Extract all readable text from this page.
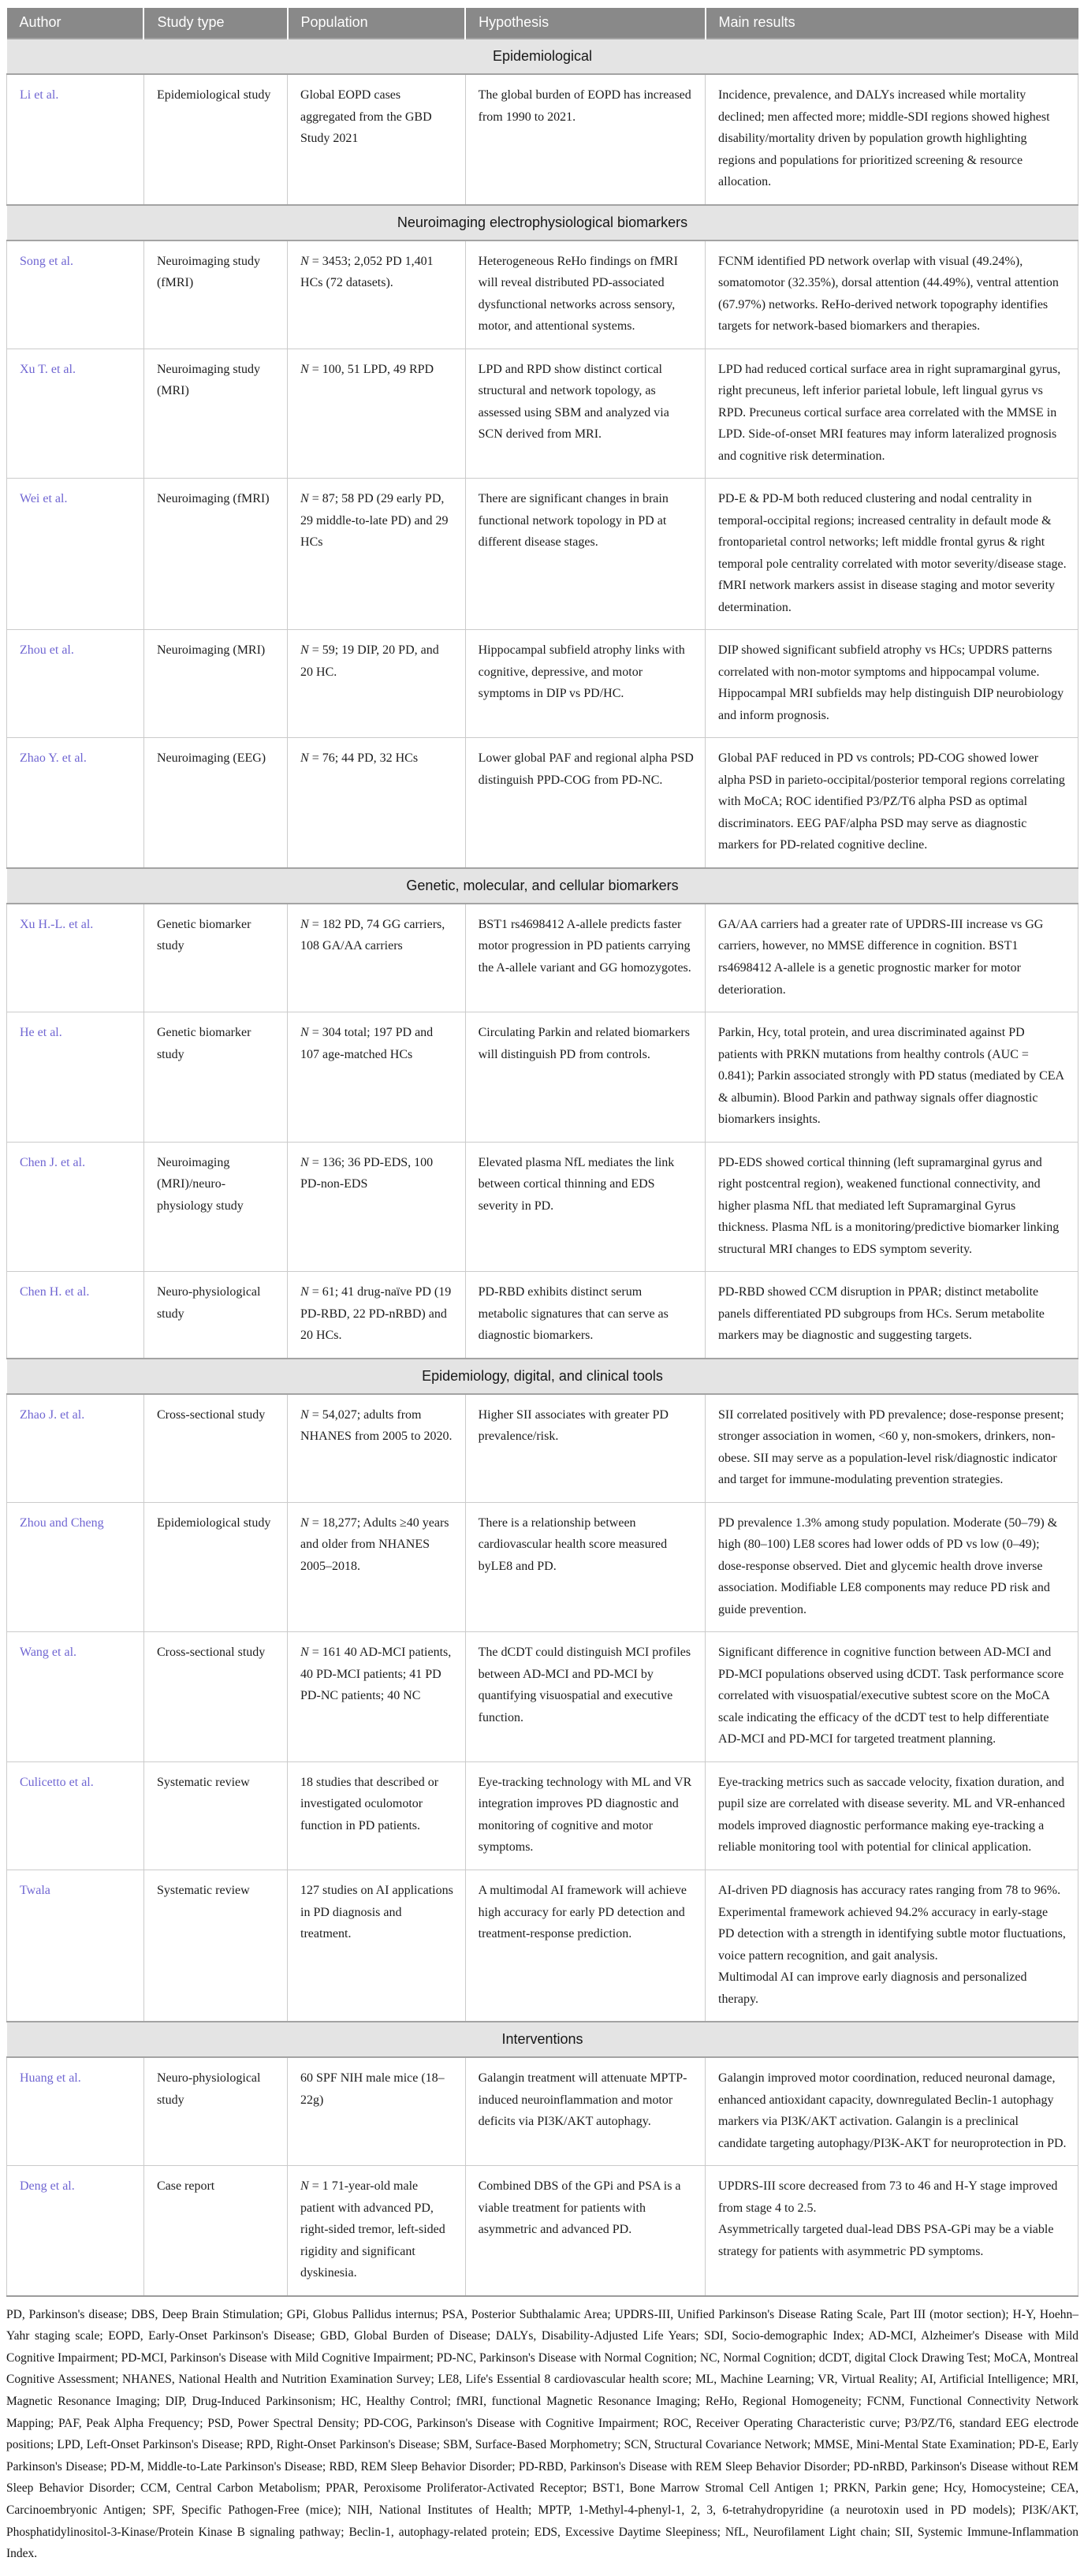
Author	Study type	Population	Hypothesis	Main results
Epidemiological				
Li et al.	Epidemiological study	Global EOPD cases aggregated from the GBD Study 2021	The global burden of EOPD has increased from 1990 to 2021.	Incidence, prevalence, and DALYs increased while mortality declined; men affected more; middle-SDI regions showed highest disability/mortality driven by population growth highlighting regions and populations for prioritized screening & resource allocation.
Neuroimaging electrophysiological biomarkers				
Song et al.	Neuroimaging study (fMRI)	N = 3453; 2,052 PD 1,401 HCs (72 datasets).	Heterogeneous ReHo findings on fMRI will reveal distributed PD-associated dysfunctional networks across sensory, motor, and attentional systems.	FCNM identified PD network overlap with visual (49.24%), somatomotor (32.35%), dorsal attention (44.49%), ventral attention (67.97%) networks. ReHo-derived network topography identifies targets for network-based biomarkers and therapies.
Xu T. et al.	Neuroimaging study (MRI)	N = 100, 51 LPD, 49 RPD	LPD and RPD show distinct cortical structural and network topology, as assessed using SBM and analyzed via SCN derived from MRI.	LPD had reduced cortical surface area in right supramarginal gyrus, right precuneus, left inferior parietal lobule, left lingual gyrus vs RPD. Precuneus cortical surface area correlated with the MMSE in LPD. Side-of-onset MRI features may inform lateralized prognosis and cognitive risk determination.
Wei et al.	Neuroimaging (fMRI)	N = 87; 58 PD (29 early PD, 29 middle-to-late PD) and 29 HCs	There are significant changes in brain functional network topology in PD at different disease stages.	PD-E & PD-M both reduced clustering and nodal centrality in temporal-occipital regions; increased centrality in default mode & frontoparietal control networks; left middle frontal gyrus & right temporal pole centrality correlated with motor severity/disease stage. fMRI network markers assist in disease staging and motor severity determination.
Zhou et al.	Neuroimaging (MRI)	N = 59; 19 DIP, 20 PD, and 20 HC.	Hippocampal subfield atrophy links with cognitive, depressive, and motor symptoms in DIP vs PD/HC.	DIP showed significant subfield atrophy vs HCs; UPDRS patterns correlated with non-motor symptoms and hippocampal volume. Hippocampal MRI subfields may help distinguish DIP neurobiology and inform prognosis.
Zhao Y. et al.	Neuroimaging (EEG)	N = 76; 44 PD, 32 HCs	Lower global PAF and regional alpha PSD distinguish PPD-COG from PD-NC.	Global PAF reduced in PD vs controls; PD-COG showed lower alpha PSD in parieto-occipital/posterior temporal regions correlating with MoCA; ROC identified P3/PZ/T6 alpha PSD as optimal discriminators. EEG PAF/alpha PSD may serve as diagnostic markers for PD-related cognitive decline.
Genetic, molecular, and cellular biomarkers				
Xu H.-L. et al.	Genetic biomarker study	N = 182 PD, 74 GG carriers, 108 GA/AA carriers	BST1 rs4698412 A-allele predicts faster motor progression in PD patients carrying the A-allele variant and GG homozygotes.	GA/AA carriers had a greater rate of UPDRS-III increase vs GG carriers, however, no MMSE difference in cognition. BST1 rs4698412 A-allele is a genetic prognostic marker for motor deterioration.
He et al.	Genetic biomarker study	N = 304 total; 197 PD and 107 age-matched HCs	Circulating Parkin and related biomarkers will distinguish PD from controls.	Parkin, Hcy, total protein, and urea discriminated against PD patients with PRKN mutations from healthy controls (AUC = 0.841); Parkin associated strongly with PD status (mediated by CEA & albumin). Blood Parkin and pathway signals offer diagnostic biomarkers insights.
Chen J. et al.	Neuroimaging (MRI)/neuro-physiology study	N = 136; 36 PD-EDS, 100 PD-non-EDS	Elevated plasma NfL mediates the link between cortical thinning and EDS severity in PD.	PD-EDS showed cortical thinning (left supramarginal gyrus and right postcentral region), weakened functional connectivity, and higher plasma NfL that mediated left Supramarginal Gyrus thickness. Plasma NfL is a monitoring/predictive biomarker linking structural MRI changes to EDS symptom severity.
Chen H. et al.	Neuro-physiological study	N = 61; 41 drug-naïve PD (19 PD-RBD, 22 PD-nRBD) and 20 HCs.	PD-RBD exhibits distinct serum metabolic signatures that can serve as diagnostic biomarkers.	PD-RBD showed CCM disruption in PPAR; distinct metabolite panels differentiated PD subgroups from HCs. Serum metabolite markers may be diagnostic and suggesting targets.
Epidemiology, digital, and clinical tools				
Zhao J. et al.	Cross-sectional study	N = 54,027; adults from NHANES from 2005 to 2020.	Higher SII associates with greater PD prevalence/risk.	SII correlated positively with PD prevalence; dose-response present; stronger association in women, <60 y, non-smokers, drinkers, non-obese. SII may serve as a population-level risk/diagnostic indicator and target for immune-modulating prevention strategies.
Zhou and Cheng	Epidemiological study	N = 18,277; Adults ≥40 years and older from NHANES 2005–2018.	There is a relationship between cardiovascular health score measured byLE8 and PD.	PD prevalence 1.3% among study population. Moderate (50–79) & high (80–100) LE8 scores had lower odds of PD vs low (0–49); dose-response observed. Diet and glycemic health drove inverse association. Modifiable LE8 components may reduce PD risk and guide prevention.
Wang et al.	Cross-sectional study	N = 161 40 AD-MCI patients, 40 PD-MCI patients; 41 PD PD-NC patients; 40 NC	The dCDT could distinguish MCI profiles between AD-MCI and PD-MCI by quantifying visuospatial and executive function.	Significant difference in cognitive function between AD-MCI and PD-MCI populations observed using dCDT. Task performance score correlated with visuospatial/executive subtest score on the MoCA scale indicating the efficacy of the dCDT test to help differentiate AD-MCI and PD-MCI for targeted treatment planning.
Culicetto et al.	Systematic review	18 studies that described or investigated oculomotor function in PD patients.	Eye-tracking technology with ML and VR integration improves PD diagnostic and monitoring of cognitive and motor symptoms.	Eye-tracking metrics such as saccade velocity, fixation duration, and pupil size are correlated with disease severity. ML and VR-enhanced models improved diagnostic performance making eye-tracking a reliable monitoring tool with potential for clinical application.
Twala	Systematic review	127 studies on AI applications in PD diagnosis and treatment.	A multimodal AI framework will achieve high accuracy for early PD detection and treatment-response prediction.	AI-driven PD diagnosis has accuracy rates ranging from 78 to 96%. Experimental framework achieved 94.2% accuracy in early-stage PD detection with a strength in identifying subtle motor fluctuations, voice pattern recognition, and gait analysis.
Multimodal AI can improve early diagnosis and personalized therapy.

Interventions				
Huang et al.	Neuro-physiological study	60 SPF NIH male mice (18–22g)	Galangin treatment will attenuate MPTP-induced neuroinflammation and motor deficits via PI3K/AKT autophagy.	Galangin improved motor coordination, reduced neuronal damage, enhanced antioxidant capacity, downregulated Beclin-1 autophagy markers via PI3K/AKT activation. Galangin is a preclinical candidate targeting autophagy/PI3K-AKT for neuroprotection in PD.
Deng et al.	Case report	N = 1 71-year-old male patient with advanced PD, right-sided tremor, left-sided rigidity and significant dyskinesia.	Combined DBS of the GPi and PSA is a viable treatment for patients with asymmetric and advanced PD.	UPDRS-III score decreased from 73 to 46 and H-Y stage improved from stage 4 to 2.5.
Asymmetrically targeted dual-lead DBS PSA-GPi may be a viable strategy for patients with asymmetric PD symptoms.
PD, Parkinson's disease; DBS, Deep Brain Stimulation; GPi, Globus Pallidus internus; PSA, Posterior Subthalamic Area; UPDRS-III, Unified Parkinson's Disease Rating Scale, Part III (motor section); H-Y, Hoehn–Yahr staging scale; EOPD, Early-Onset Parkinson's Disease; GBD, Global Burden of Disease; DALYs, Disability-Adjusted Life Years; SDI, Socio-demographic Index; AD-MCI, Alzheimer's Disease with Mild Cognitive Impairment; PD-MCI, Parkinson's Disease with Mild Cognitive Impairment; PD-NC, Parkinson's Disease with Normal Cognition; NC, Normal Cognition; dCDT, digital Clock Drawing Test; MoCA, Montreal Cognitive Assessment; NHANES, National Health and Nutrition Examination Survey; LE8, Life's Essential 8 cardiovascular health score; ML, Machine Learning; VR, Virtual Reality; AI, Artificial Intelligence; MRI, Magnetic Resonance Imaging; DIP, Drug-Induced Parkinsonism; HC, Healthy Control; fMRI, functional Magnetic Resonance Imaging; ReHo, Regional Homogeneity; FCNM, Functional Connectivity Network Mapping; PAF, Peak Alpha Frequency; PSD, Power Spectral Density; PD-COG, Parkinson's Disease with Cognitive Impairment; ROC, Receiver Operating Characteristic curve; P3/PZ/T6, standard EEG electrode positions; LPD, Left-Onset Parkinson's Disease; RPD, Right-Onset Parkinson's Disease; SBM, Surface-Based Morphometry; SCN, Structural Covariance Network; MMSE, Mini-Mental State Examination; PD-E, Early Parkinson's Disease; PD-M, Middle-to-Late Parkinson's Disease; RBD, REM Sleep Behavior Disorder; PD-RBD, Parkinson's Disease with REM Sleep Behavior Disorder; PD-nRBD, Parkinson's Disease without REM Sleep Behavior Disorder; CCM, Central Carbon Metabolism; PPAR, Peroxisome Proliferator-Activated Receptor; BST1, Bone Marrow Stromal Cell Antigen 1; PRKN, Parkin gene; Hcy, Homocysteine; CEA, Carcinoembryonic Antigen; SPF, Specific Pathogen-Free (mice); NIH, National Institutes of Health; MPTP, 1-Methyl-4-phenyl-1, 2, 3, 6-tetrahydropyridine (a neurotoxin used in PD models); PI3K/AKT, Phosphatidylinositol-3-Kinase/Protein Kinase B signaling pathway; Beclin-1, autophagy-related protein; EDS, Excessive Daytime Sleepiness; NfL, Neurofilament Light chain; SII, Systemic Immune-Inflammation Index.
